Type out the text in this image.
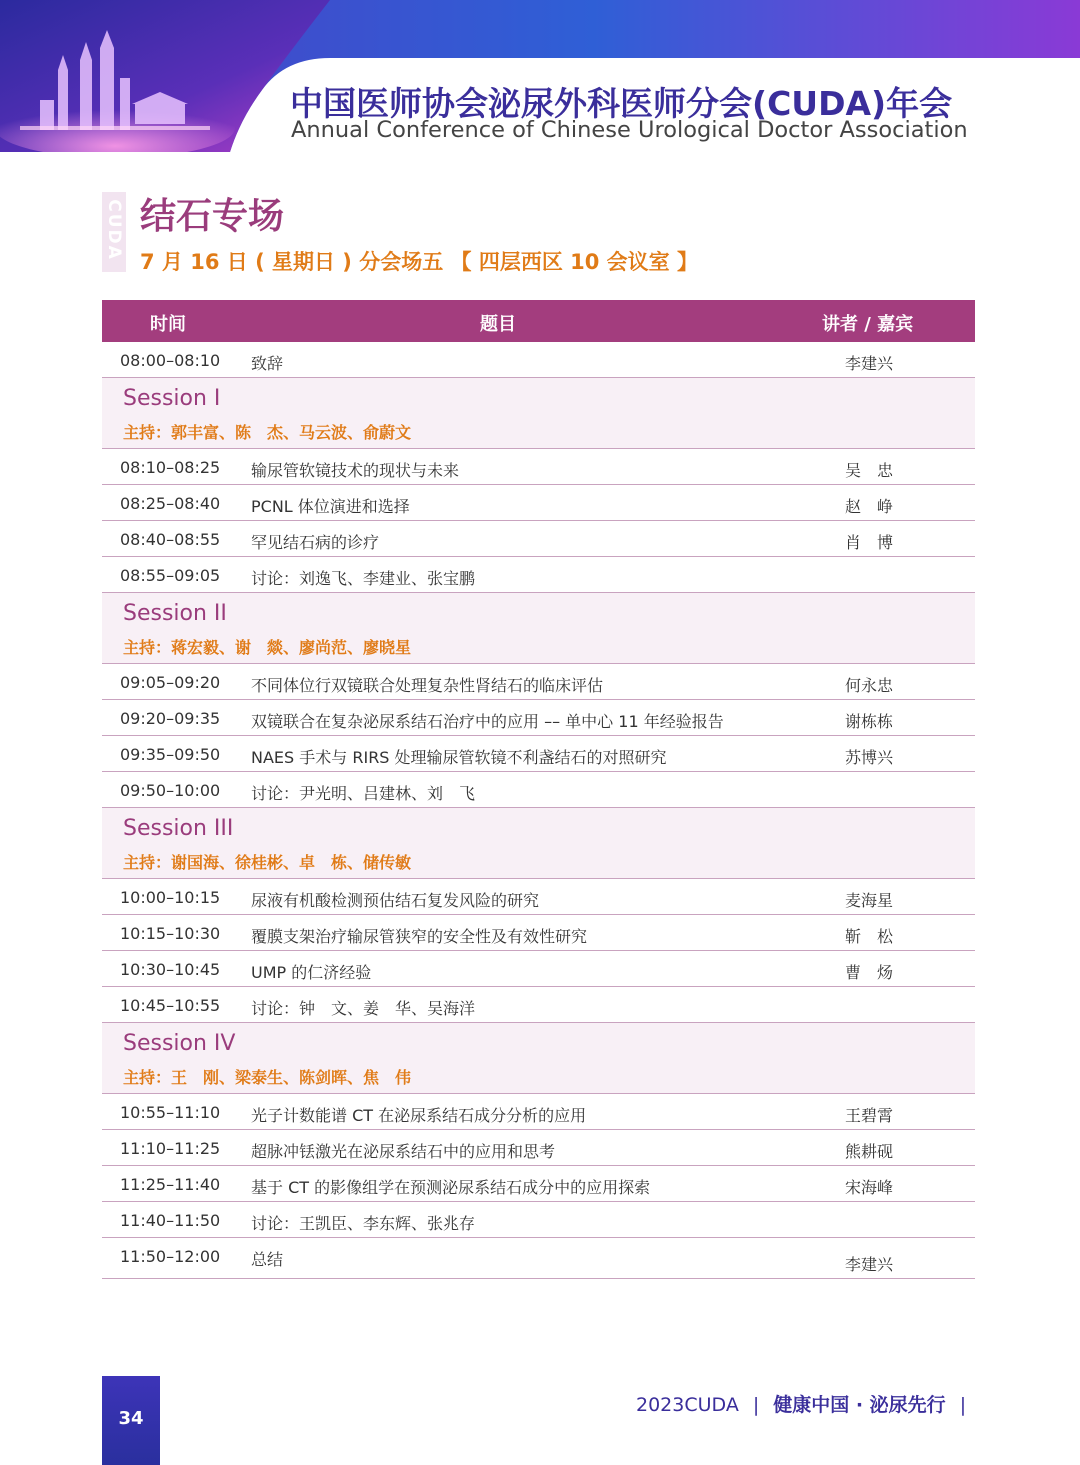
中国医师协会泌尿外科医师分会(CUDA)年会
Annual Conference of Chinese Urological Doctor Association
CUDA 结石专场
7 月 16 日 ( 星期日 ) 分会场五 【 四层西区 10 会议室 】
时间	题目	讲者 / 嘉宾
08:00–08:10 致辞	李建兴
Session I
主持：郭丰富、陈　杰、马云波、俞蔚文
08:10–08:25 输尿管软镜技术的现状与未来	吴　忠
08:25–08:40 PCNL 体位演进和选择	赵　峥
08:40–08:55 罕见结石病的诊疗	肖　博
08:55–09:05 讨论：刘逸飞、李建业、张宝鹏
Session II
主持：蒋宏毅、谢　燚、廖尚范、廖晓星
09:05–09:20 不同体位行双镜联合处理复杂性肾结石的临床评估	何永忠
09:20–09:35 双镜联合在复杂泌尿系结石治疗中的应用 –– 单中心 11 年经验报告	谢栋栋
09:35–09:50 NAES 手术与 RIRS 处理输尿管软镜不利盏结石的对照研究	苏博兴
09:50–10:00 讨论：尹光明、吕建林、刘　飞
Session III
主持：谢国海、徐桂彬、卓　栋、储传敏
10:00–10:15 尿液有机酸检测预估结石复发风险的研究	麦海星
10:15–10:30 覆膜支架治疗输尿管狭窄的安全性及有效性研究	靳　松
10:30–10:45 UMP 的仁济经验	曹　炀
10:45–10:55 讨论：钟　文、姜　华、吴海洋
Session IV
主持：王　刚、梁泰生、陈剑晖、焦　伟
10:55–11:10 光子计数能谱 CT 在泌尿系结石成分分析的应用	王碧霄
11:10–11:25 超脉冲铥激光在泌尿系结石中的应用和思考	熊耕砚
11:25–11:40 基于 CT 的影像组学在预测泌尿系结石成分中的应用探索	宋海峰
11:40–11:50 讨论：王凯臣、李东辉、张兆存
11:50–12:00 总结	李建兴
34
2023CUDA | 健康中国 · 泌尿先行 |
